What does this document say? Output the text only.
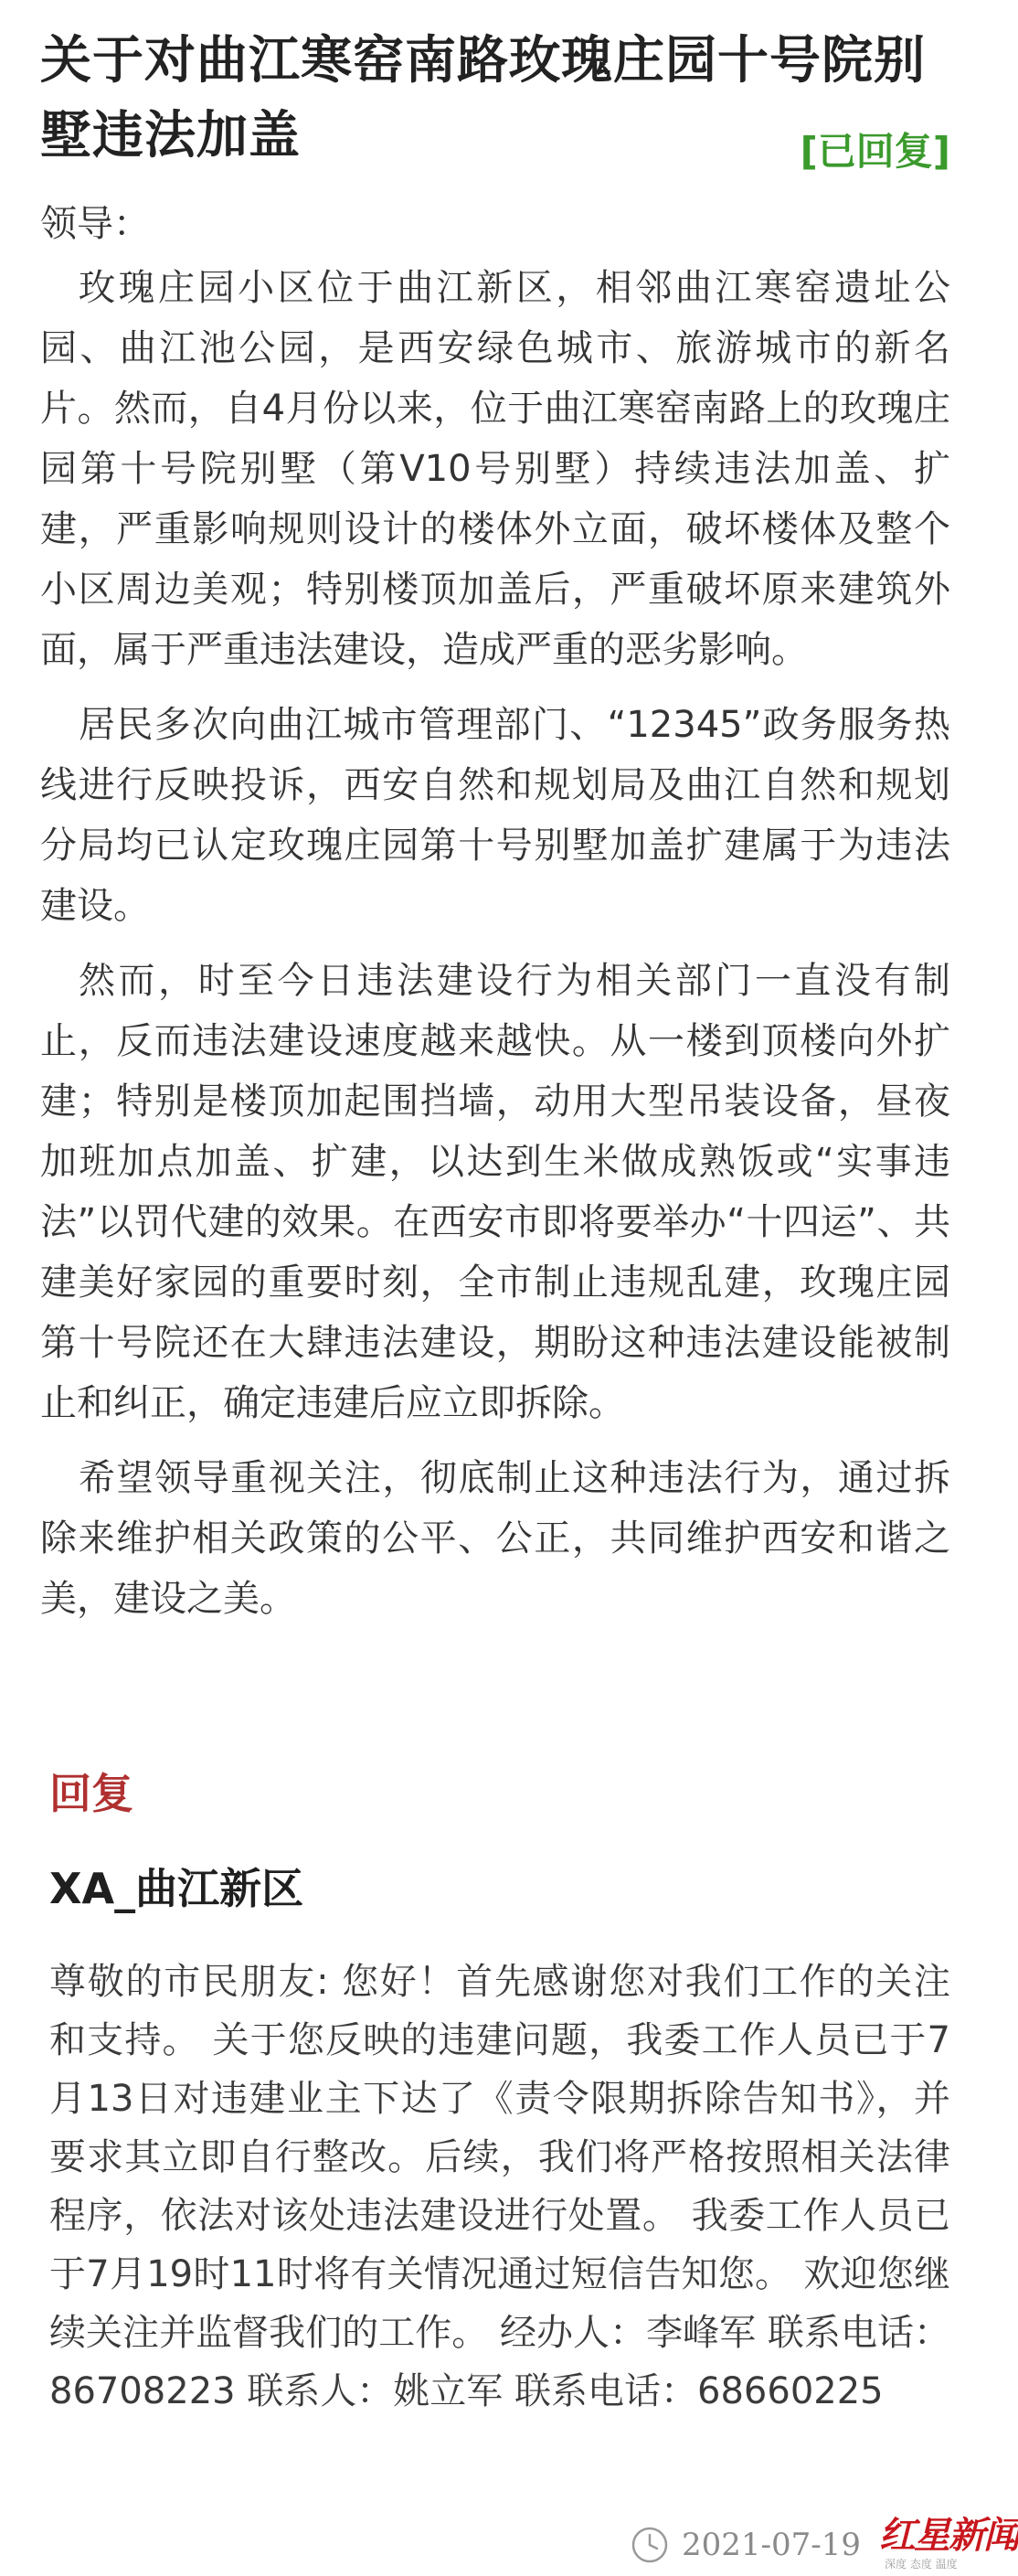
关于对曲江寒窑南路玫瑰庄园十号院别墅违法加盖	[已回复]

领导：

玫瑰庄园小区位于曲江新区，相邻曲江寒窑遗址公园、曲江池公园，是西安绿色城市、旅游城市的新名片。然而，自4月份以来，位于曲江寒窑南路上的玫瑰庄园第十号院别墅（第V10号别墅）持续违法加盖、扩建，严重影响规则设计的楼体外立面，破坏楼体及整个小区周边美观；特别楼顶加盖后，严重破坏原来建筑外面，属于严重违法建设，造成严重的恶劣影响。

居民多次向曲江城市管理部门、“12345”政务服务热线进行反映投诉，西安自然和规划局及曲江自然和规划分局均已认定玫瑰庄园第十号别墅加盖扩建属于为违法建设。

然而，时至今日违法建设行为相关部门一直没有制止，反而违法建设速度越来越快。从一楼到顶楼向外扩建；特别是楼顶加起围挡墙，动用大型吊装设备，昼夜加班加点加盖、扩建，以达到生米做成熟饭或“实事违法”以罚代建的效果。在西安市即将要举办“十四运”、共建美好家园的重要时刻，全市制止违规乱建，玫瑰庄园第十号院还在大肆违法建设，期盼这种违法建设能被制止和纠正，确定违建后应立即拆除。

希望领导重视关注，彻底制止这种违法行为，通过拆除来维护相关政策的公平、公正，共同维护西安和谐之美，建设之美。

回复
XA_曲江新区
尊敬的市民朋友: 您好！首先感谢您对我们工作的关注和支持。 关于您反映的违建问题，我委工作人员已于7月13日对违建业主下达了《责令限期拆除告知书》，并要求其立即自行整改。后续，我们将严格按照相关法律程序，依法对该处违法建设进行处置。 我委工作人员已于7月19时11时将有关情况通过短信告知您。 欢迎您继续关注并监督我们的工作。 经办人：李峰军 联系电话：86708223 联系人：姚立军 联系电话：68660225
2021-07-19 红星新闻
深度 态度 温度
